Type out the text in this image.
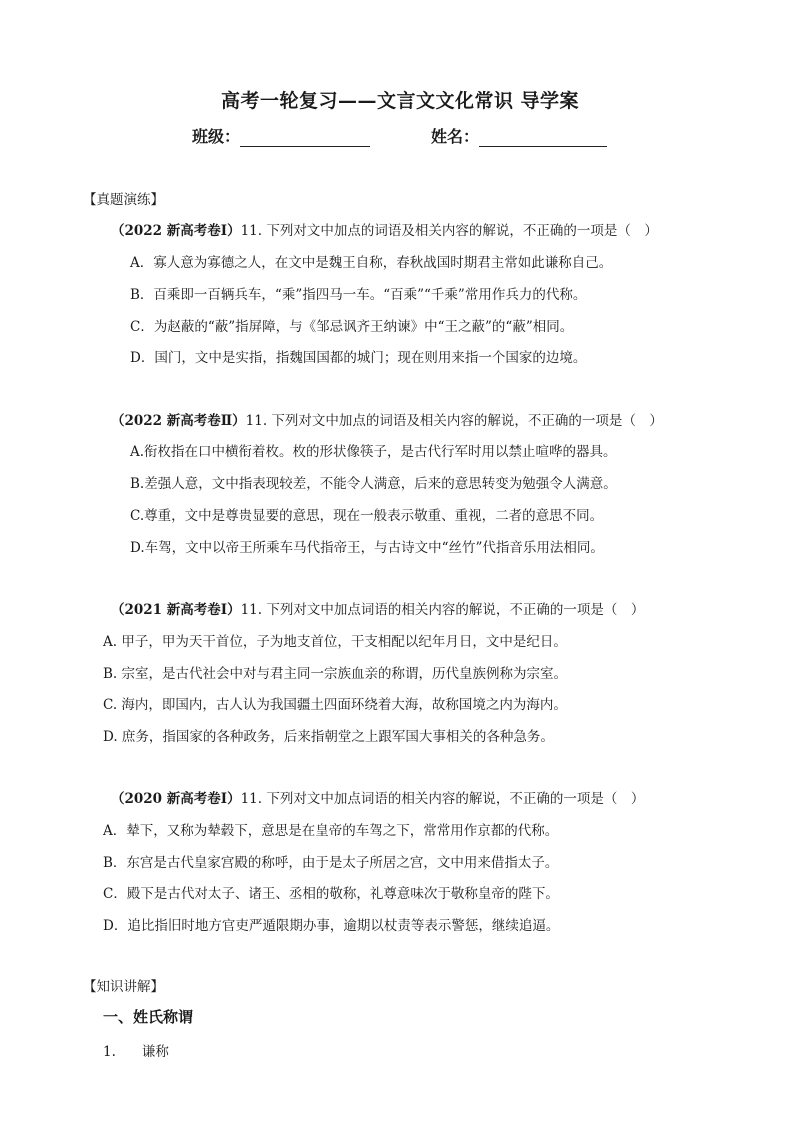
高考一轮复习——文言文文化常识 导学案
班级：	姓名：
【真题演练】
（2022 新高考卷Ⅰ）11. 下列对文中加点的词语及相关内容的解说，不正确的一项是（　）
A．寡人意为寡德之人，在文中是魏王自称，春秋战国时期君主常如此谦称自己。
B．百乘即一百辆兵车，“乘”指四马一车。“百乘”“千乘”常用作兵力的代称。
C．为赵蔽的“蔽”指屏障，与《邹忌讽齐王纳谏》中“王之蔽”的“蔽”相同。
D．国门，文中是实指，指魏国国都的城门；现在则用来指一个国家的边境。
（2022 新高考卷Ⅱ）11. 下列对文中加点的词语及相关内容的解说，不正确的一项是（　）
A.衔枚指在口中横衔着枚。枚的形状像筷子，是古代行军时用以禁止喧哗的器具。
B.差强人意，文中指表现较差，不能令人满意，后来的意思转变为勉强令人满意。
C.尊重，文中是尊贵显要的意思，现在一般表示敬重、重视，二者的意思不同。
D.车驾，文中以帝王所乘车马代指帝王，与古诗文中“丝竹”代指音乐用法相同。
（2021 新高考卷Ⅰ）11. 下列对文中加点词语的相关内容的解说，不正确的一项是（　）
A. 甲子，甲为天干首位，子为地支首位，干支相配以纪年月日，文中是纪日。
B. 宗室，是古代社会中对与君主同一宗族血亲的称谓，历代皇族例称为宗室。
C. 海内，即国内，古人认为我国疆土四面环绕着大海，故称国境之内为海内。
D. 庶务，指国家的各种政务，后来指朝堂之上跟军国大事相关的各种急务。
（2020 新高考卷Ⅰ）11. 下列对文中加点词语的相关内容的解说，不正确的一项是（　）
A．辇下，又称为辇毂下，意思是在皇帝的车驾之下，常常用作京都的代称。
B．东宫是古代皇家宫殿的称呼，由于是太子所居之宫，文中用来借指太子。
C．殿下是古代对太子、诸王、丞相的敬称，礼尊意味次于敬称皇帝的陛下。
D．追比指旧时地方官吏严遁限期办事，逾期以杖责等表示警惩，继续追逼。
【知识讲解】
一、姓氏称谓
1. 谦称
